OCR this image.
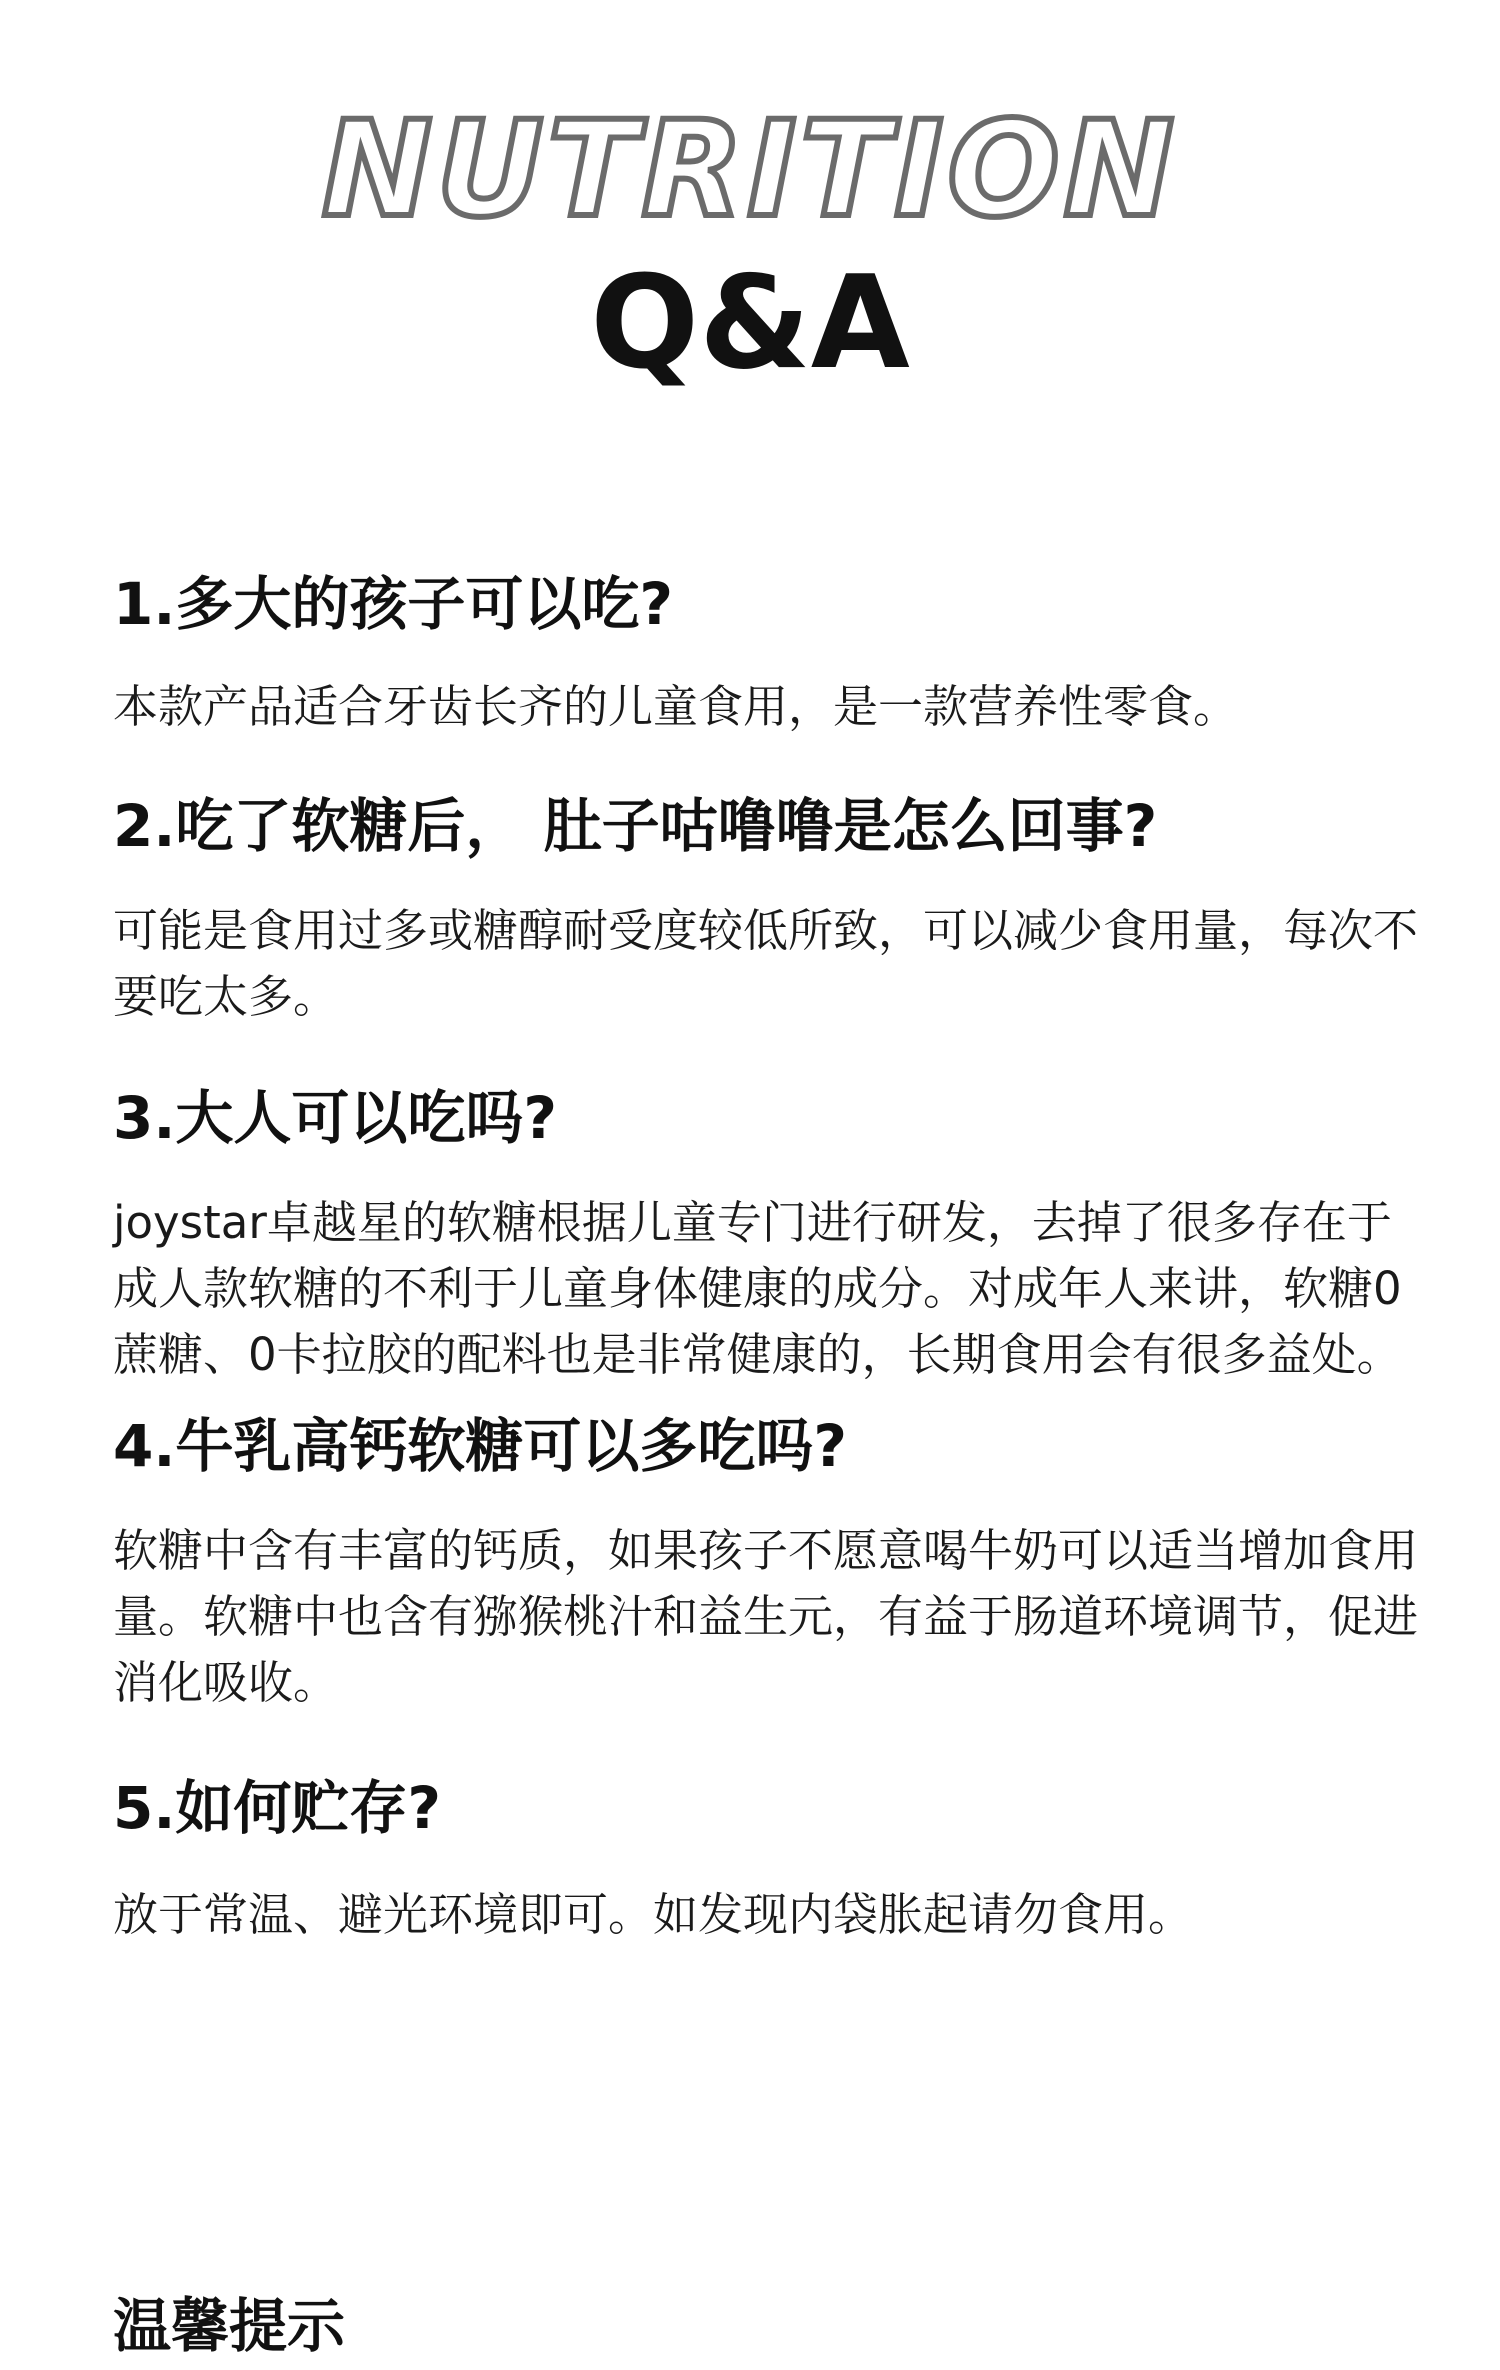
NUTRITION
Q&A
1.多大的孩子可以吃?

本款产品适合牙齿长齐的儿童食用，是一款营养性零食。

2.吃了软糖后， 肚子咕噜噜是怎么回事?

可能是食用过多或糖醇耐受度较低所致，可以减少食用量，每次不要吃太多。

3.大人可以吃吗?

joystar卓越星的软糖根据儿童专门进行研发，去掉了很多存在于成人款软糖的不利于儿童身体健康的成分。对成年人来讲，软糖0蔗糖、0卡拉胶的配料也是非常健康的，长期食用会有很多益处。

4.牛乳高钙软糖可以多吃吗?

软糖中含有丰富的钙质，如果孩子不愿意喝牛奶可以适当增加食用量。软糖中也含有猕猴桃汁和益生元，有益于肠道环境调节，促进消化吸收。

5.如何贮存?

放于常温、避光环境即可。如发现内袋胀起请勿食用。

温馨提示
